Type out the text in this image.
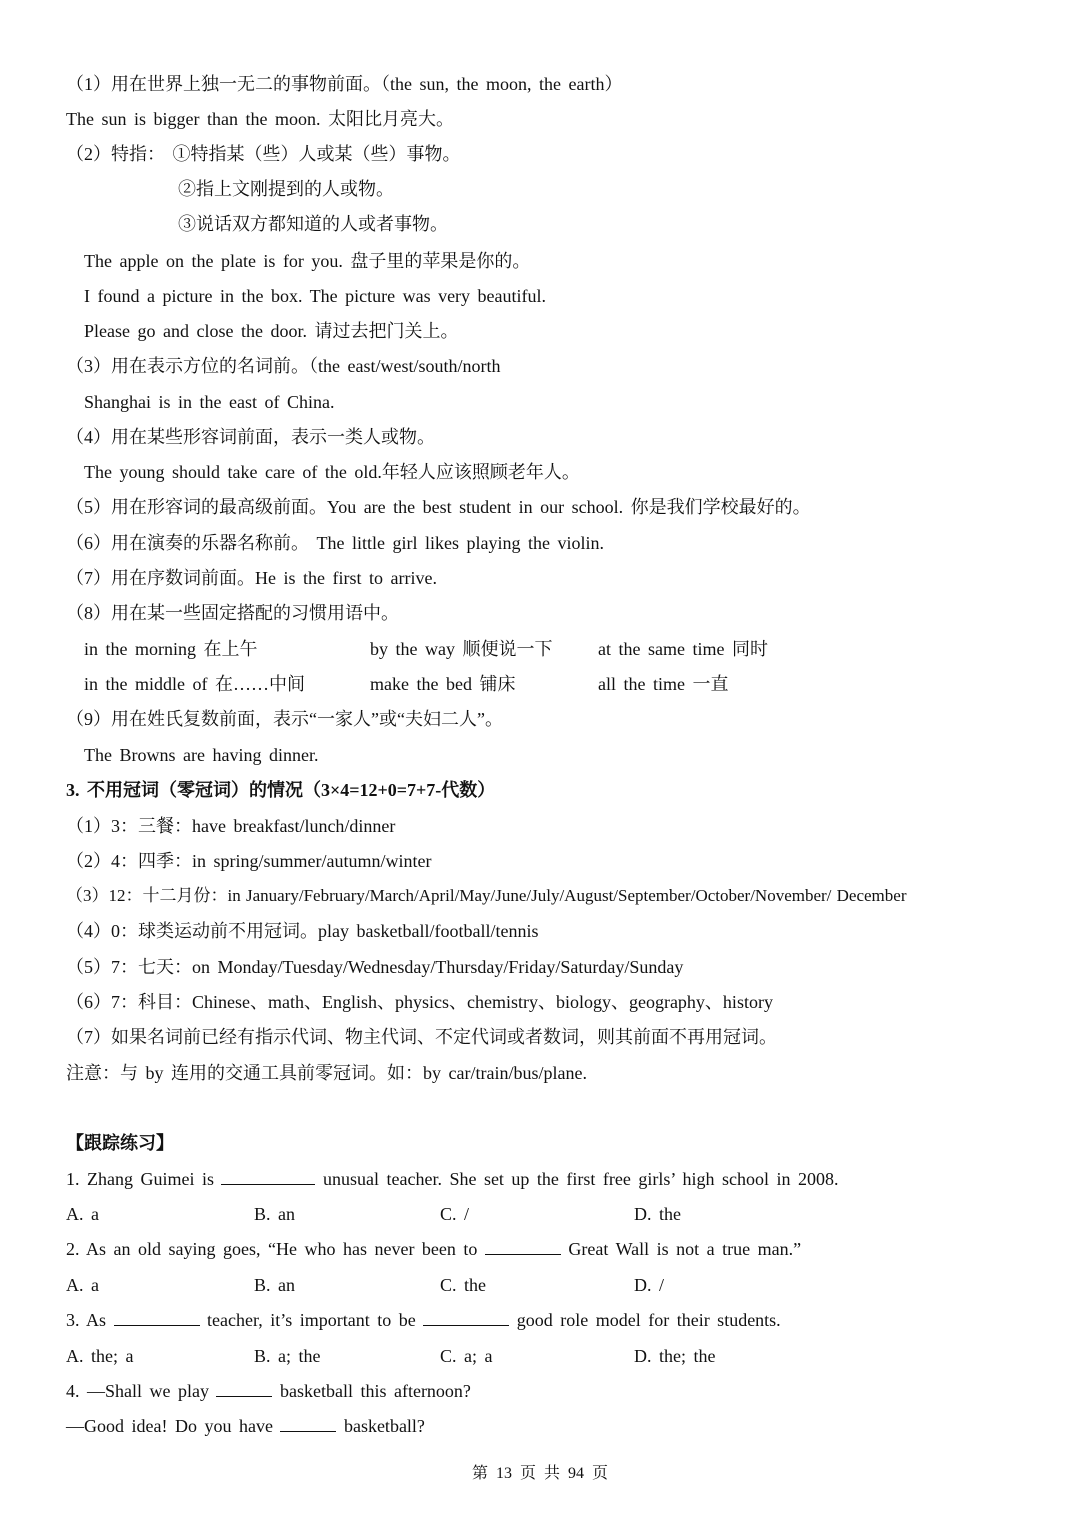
（1）用在世界上独一无二的事物前面。（the sun, the moon, the earth）
The sun is bigger than the moon. 太阳比月亮大。
（2）特指： ①特指某（些）人或某（些）事物。
②指上文刚提到的人或物。
③说话双方都知道的人或者事物。
The apple on the plate is for you. 盘子里的苹果是你的。
I found a picture in the box. The picture was very beautiful.
Please go and close the door. 请过去把门关上。
（3）用在表示方位的名词前。（the east/west/south/north
Shanghai is in the east of China.
（4）用在某些形容词前面，表示一类人或物。
The young should take care of the old.年轻人应该照顾老年人。
（5）用在形容词的最高级前面。You are the best student in our school. 你是我们学校最好的。
（6）用在演奏的乐器名称前。 The little girl likes playing the violin.
（7）用在序数词前面。He is the first to arrive.
（8）用在某一些固定搭配的习惯用语中。
in the morning 在上午	by the way 顺便说一下	at the same time 同时
in the middle of 在……中间	make the bed 铺床	all the time 一直
（9）用在姓氏复数前面，表示“一家人”或“夫妇二人”。
The Browns are having dinner.
3. 不用冠词（零冠词）的情况（3×4=12+0=7+7-代数）
（1）3：三餐：have breakfast/lunch/dinner
（2）4：四季：in spring/summer/autumn/winter
（3）12：十二月份：in January/February/March/April/May/June/July/August/September/October/November/ December
（4）0：球类运动前不用冠词。play basketball/football/tennis
（5）7：七天：on Monday/Tuesday/Wednesday/Thursday/Friday/Saturday/Sunday
（6）7：科目：Chinese、math、English、physics、chemistry、biology、geography、history
（7）如果名词前已经有指示代词、物主代词、不定代词或者数词，则其前面不再用冠词。
注意：与 by 连用的交通工具前零冠词。如：by car/train/bus/plane.
【跟踪练习】
1. Zhang Guimei is	unusual teacher. She set up the first free girls’ high school in 2008.
A. a	B. an	C. /	D. the
2. As an old saying goes, “He who has never been to	Great Wall is not a true man.”
A. a	B. an	C. the	D. /
3. As	teacher, it’s important to be	good role model for their students.
A. the; a	B. a; the	C. a; a	D. the; the
4. —Shall we play	basketball this afternoon?
—Good idea! Do you have	basketball?
第 13 页 共 94 页
